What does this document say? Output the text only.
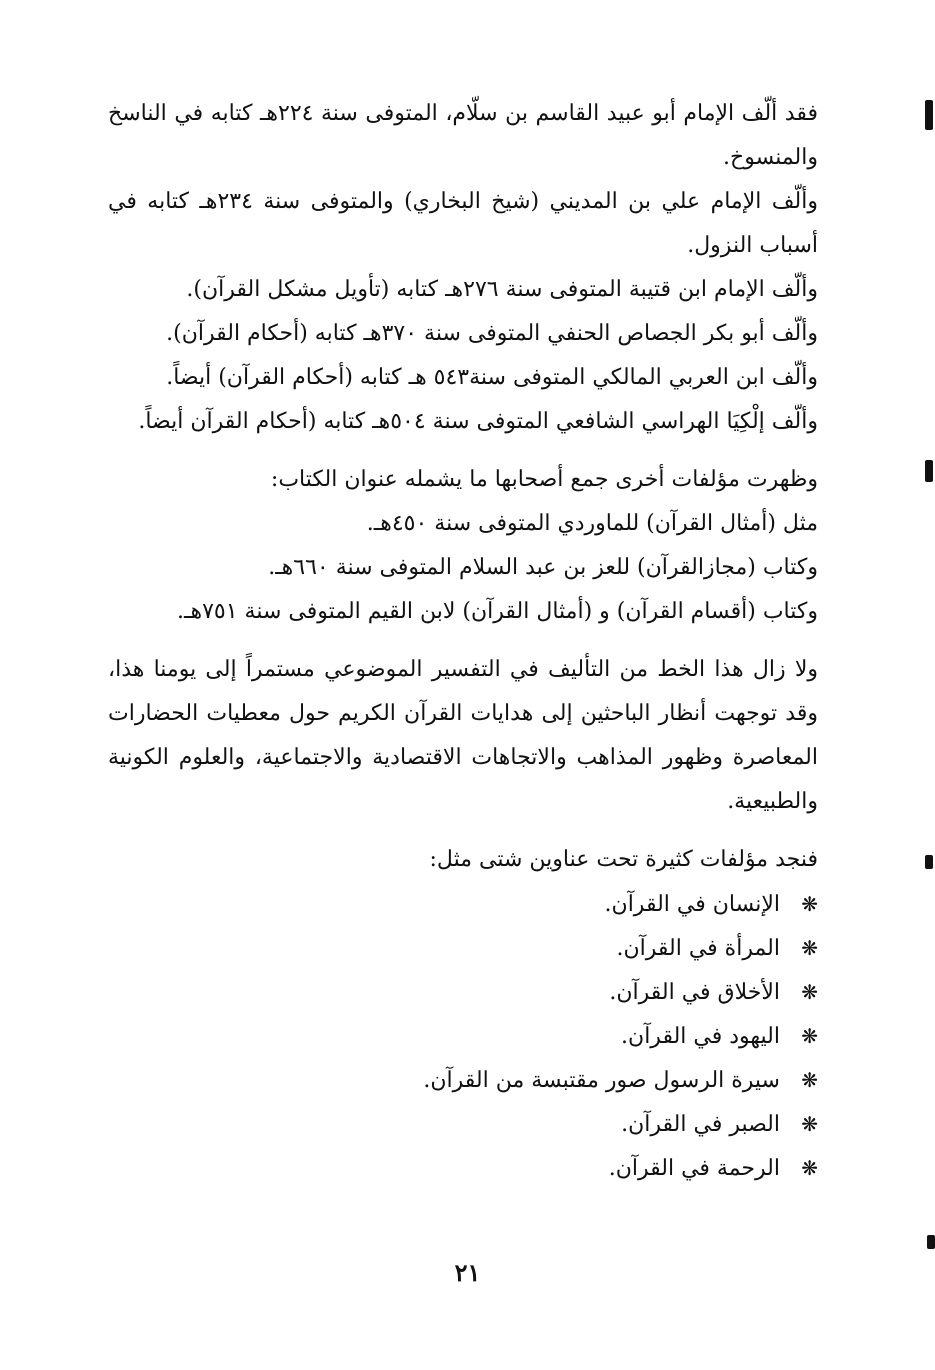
فقد ألّف الإمام أبو عبيد القاسم بن سلّام، المتوفى سنة ٢٢٤هـ كتابه في الناسخ والمنسوخ.

وألّف الإمام علي بن المديني (شيخ البخاري) والمتوفى سنة ٢٣٤هـ كتابه في أسباب النزول.

وألّف الإمام ابن قتيبة المتوفى سنة ٢٧٦هـ كتابه (تأويل مشكل القرآن).

وألّف أبو بكر الجصاص الحنفي المتوفى سنة ٣٧٠هـ كتابه (أحكام القرآن).

وألّف ابن العربي المالكي المتوفى سنة٥٤٣ هـ كتابه (أحكام القرآن) أيضاً.

وألّف إلْكِيَا الهراسي الشافعي المتوفى سنة ٥٠٤هـ كتابه (أحكام القرآن أيضاً.

وظهرت مؤلفات أخرى جمع أصحابها ما يشمله عنوان الكتاب:

مثل (أمثال القرآن) للماوردي المتوفى سنة ٤٥٠هـ.

وكتاب (مجازالقرآن) للعز بن عبد السلام المتوفى سنة ٦٦٠هـ.

وكتاب (أقسام القرآن) و (أمثال القرآن) لابن القيم المتوفى سنة ٧٥١هـ.

ولا زال هذا الخط من التأليف في التفسير الموضوعي مستمراً إلى يومنا هذا، وقد توجهت أنظار الباحثين إلى هدايات القرآن الكريم حول معطيات الحضارات المعاصرة وظهور المذاهب والاتجاهات الاقتصادية والاجتماعية، والعلوم الكونية والطبيعية.

فنجد مؤلفات كثيرة تحت عناوين شتى مثل:

❋
الإنسان في القرآن.
❋
المرأة في القرآن.
❋
الأخلاق في القرآن.
❋
اليهود في القرآن.
❋
سيرة الرسول صور مقتبسة من القرآن.
❋
الصبر في القرآن.
❋
الرحمة في القرآن.
٢١
